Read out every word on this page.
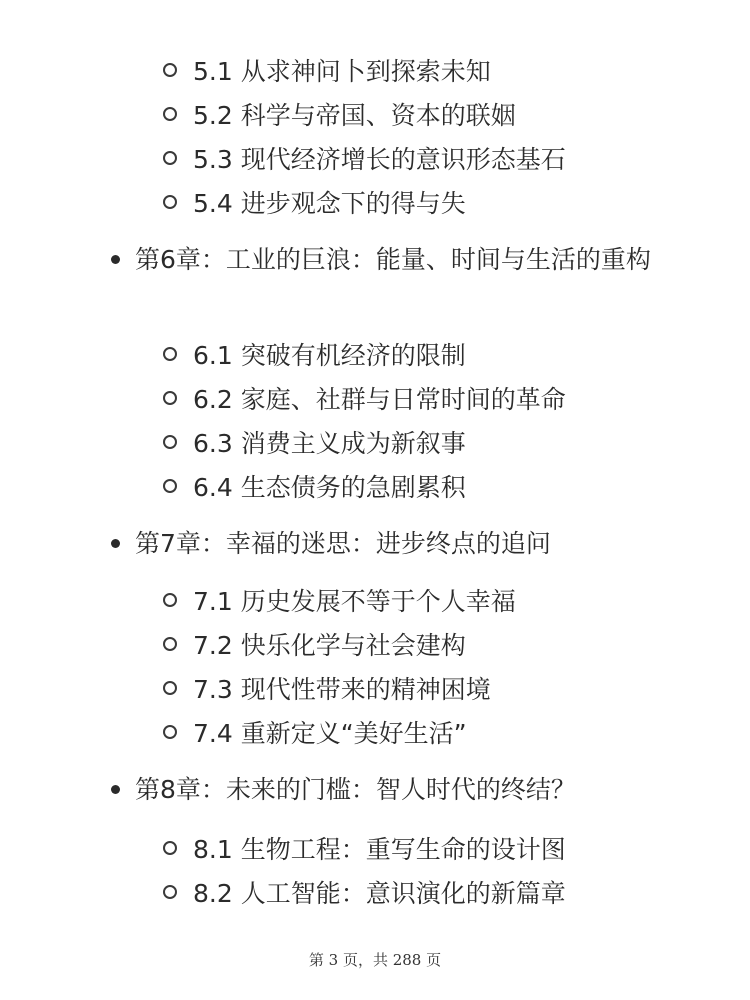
5.1 从求神问卜到探索未知
5.2 科学与帝国、资本的联姻
5.3 现代经济增长的意识形态基石
5.4 进步观念下的得与失
第6章：工业的巨浪：能量、时间与生活的重构
6.1 突破有机经济的限制
6.2 家庭、社群与日常时间的革命
6.3 消费主义成为新叙事
6.4 生态债务的急剧累积
第7章：幸福的迷思：进步终点的追问
7.1 历史发展不等于个人幸福
7.2 快乐化学与社会建构
7.3 现代性带来的精神困境
7.4 重新定义“美好生活”
第8章：未来的门槛：智人时代的终结？
8.1 生物工程：重写生命的设计图
8.2 人工智能：意识演化的新篇章
第 3 页，共 288 页
